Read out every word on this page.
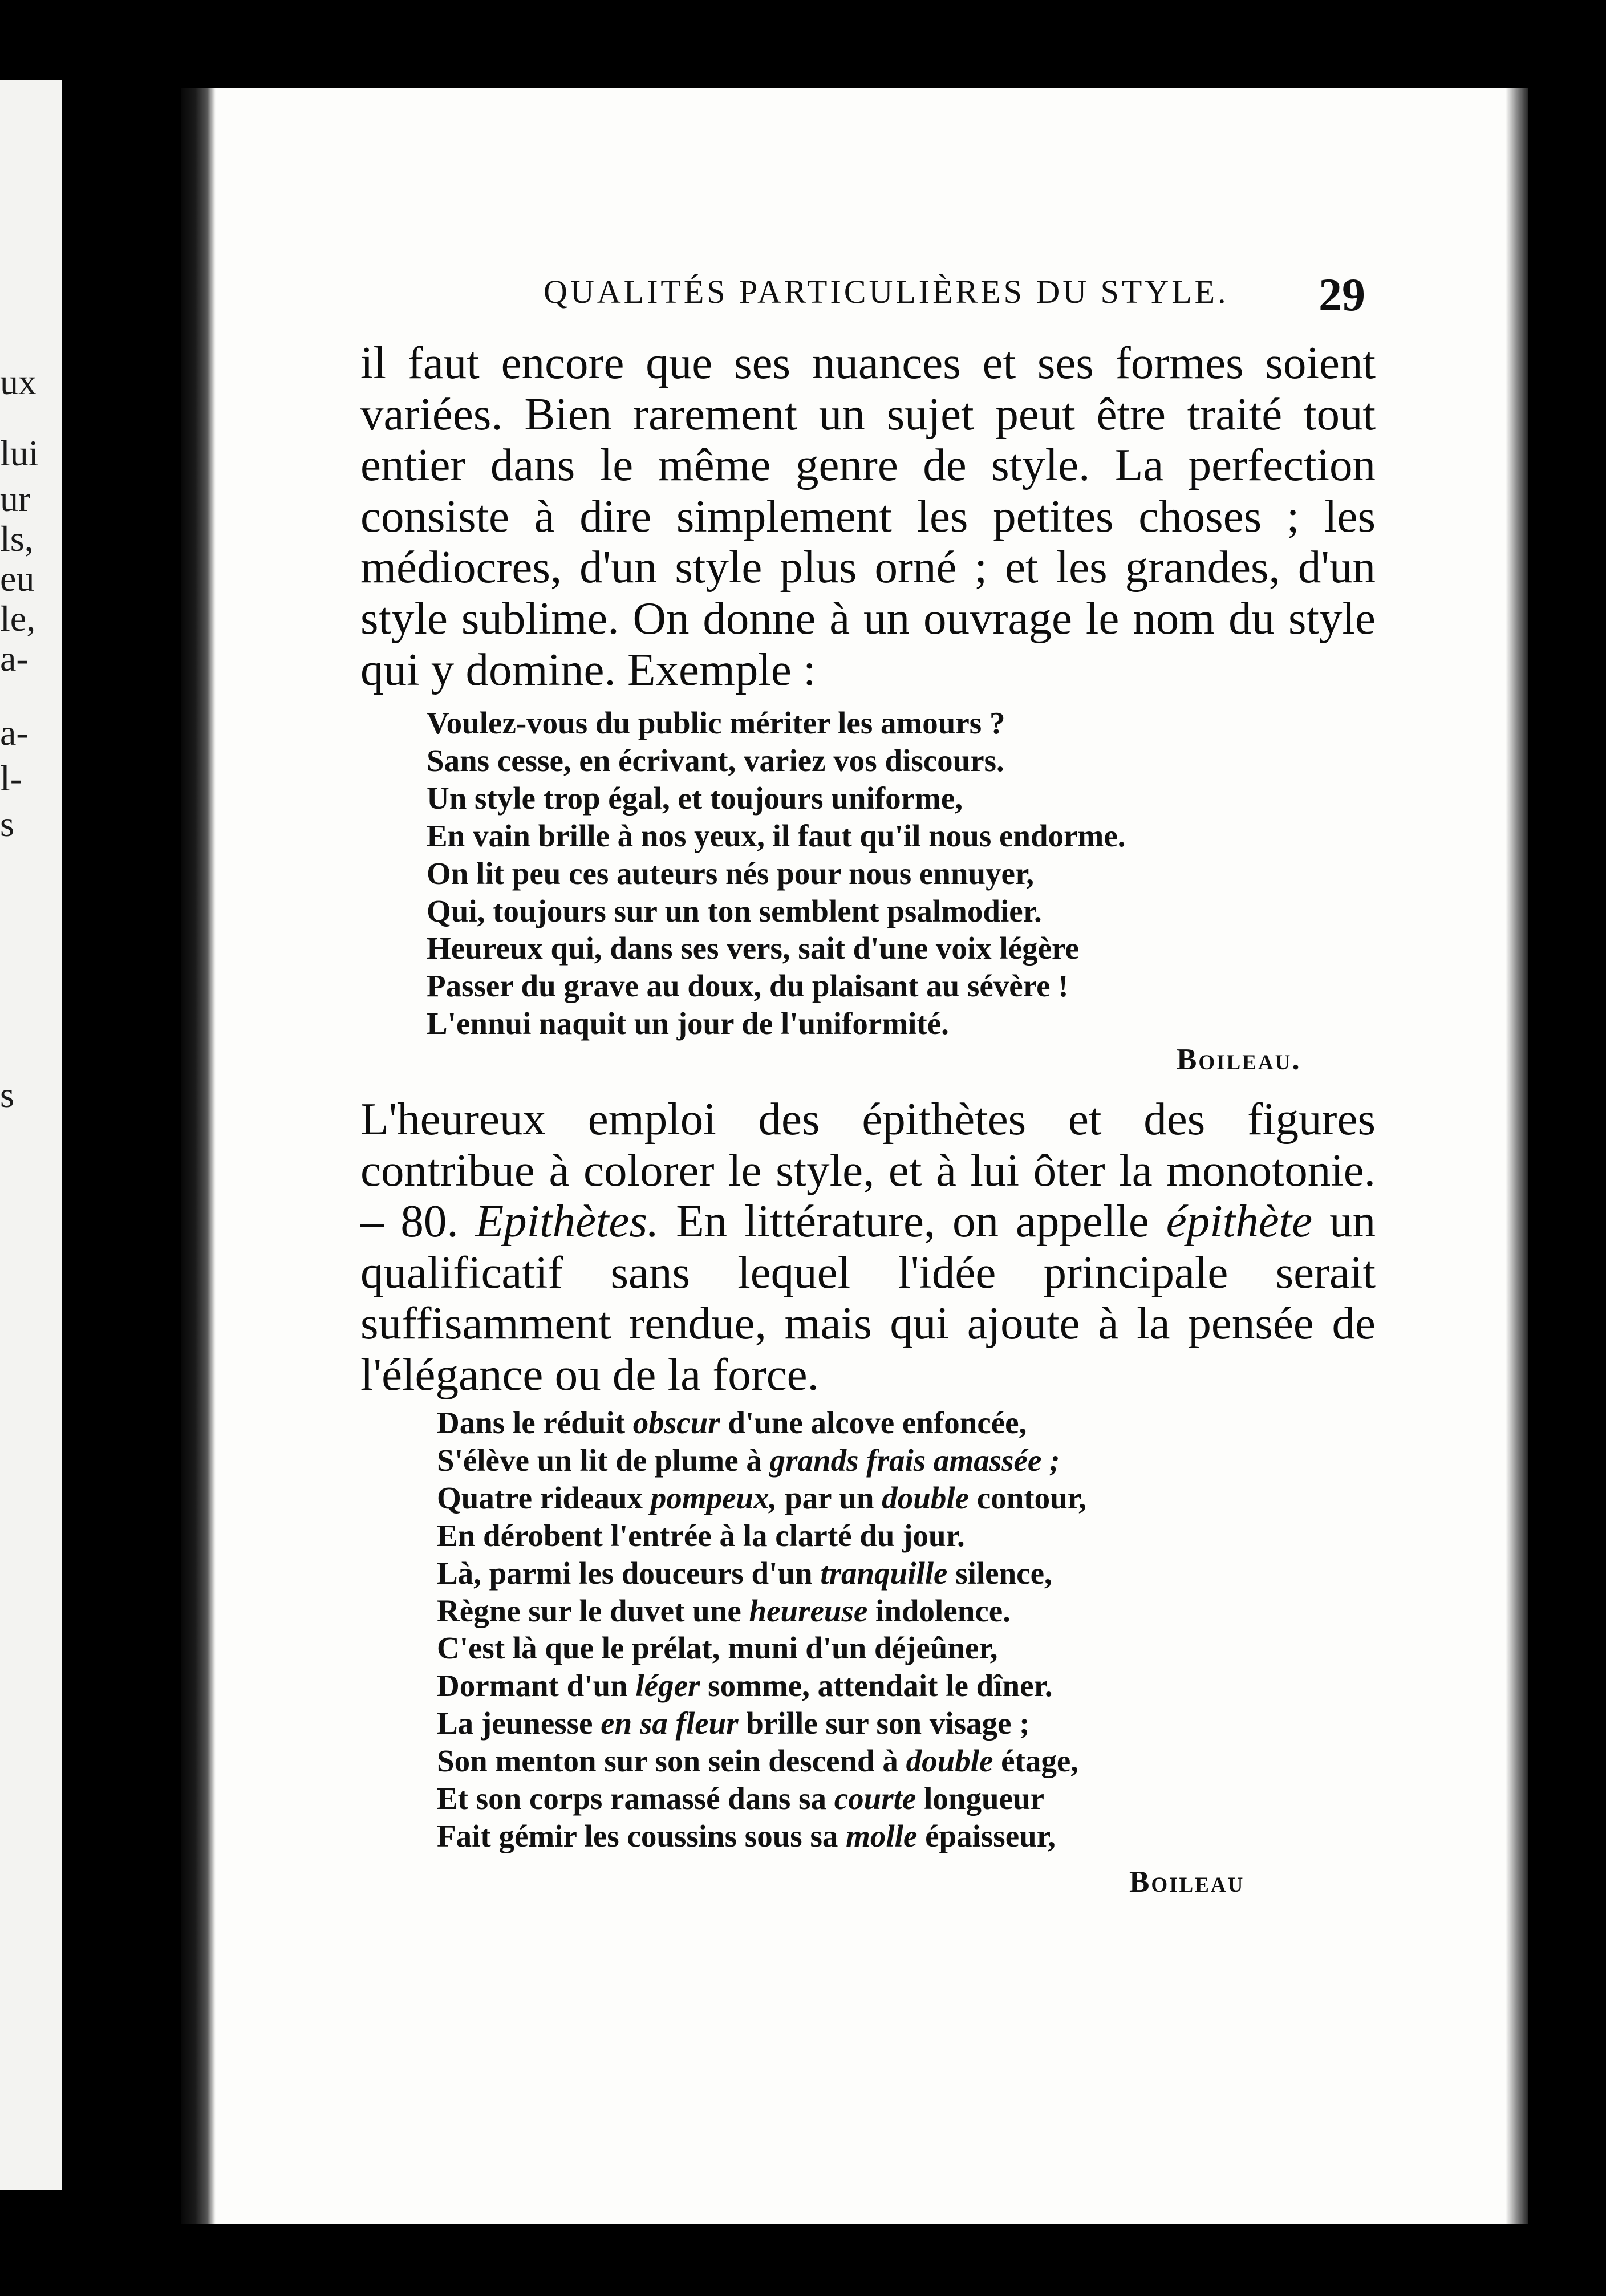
ux

lui

ur

ls,

eu

le,

a-

a-

l-

s

s

QUALITÉS PARTICULIÈRES DU STYLE. 29

il faut encore que ses nuances et ses formes soient variées. Bien rarement un sujet peut être traité tout entier dans le même genre de style. La perfection consiste à dire simplement les petites choses ; les médiocres, d'un style plus orné ; et les grandes, d'un style sublime. On donne à un ouvrage le nom du style qui y domine. Exemple :

Voulez-vous du public mériter les amours ?
Sans cesse, en écrivant, variez vos discours.
Un style trop égal, et toujours uniforme,
En vain brille à nos yeux, il faut qu'il nous endorme.
On lit peu ces auteurs nés pour nous ennuyer,
Qui, toujours sur un ton semblent psalmodier.
Heureux qui, dans ses vers, sait d'une voix légère
Passer du grave au doux, du plaisant au sévère !
L'ennui naquit un jour de l'uniformité.

Boileau.

L'heureux emploi des épithètes et des figures contribue à colorer le style, et à lui ôter la monotonie. – 80. Epithètes. En littérature, on appelle épithète un qualificatif sans lequel l'idée principale serait suffisamment rendue, mais qui ajoute à la pensée de l'élégance ou de la force.

Dans le réduit obscur d'une alcove enfoncée,
S'élève un lit de plume à grands frais amassée ;
Quatre rideaux pompeux, par un double contour,
En dérobent l'entrée à la clarté du jour.
Là, parmi les douceurs d'un tranquille silence,
Règne sur le duvet une heureuse indolence.
C'est là que le prélat, muni d'un déjeûner,
Dormant d'un léger somme, attendait le dîner.
La jeunesse en sa fleur brille sur son visage ;
Son menton sur son sein descend à double étage,
Et son corps ramassé dans sa courte longueur
Fait gémir les coussins sous sa molle épaisseur,

Boileau
